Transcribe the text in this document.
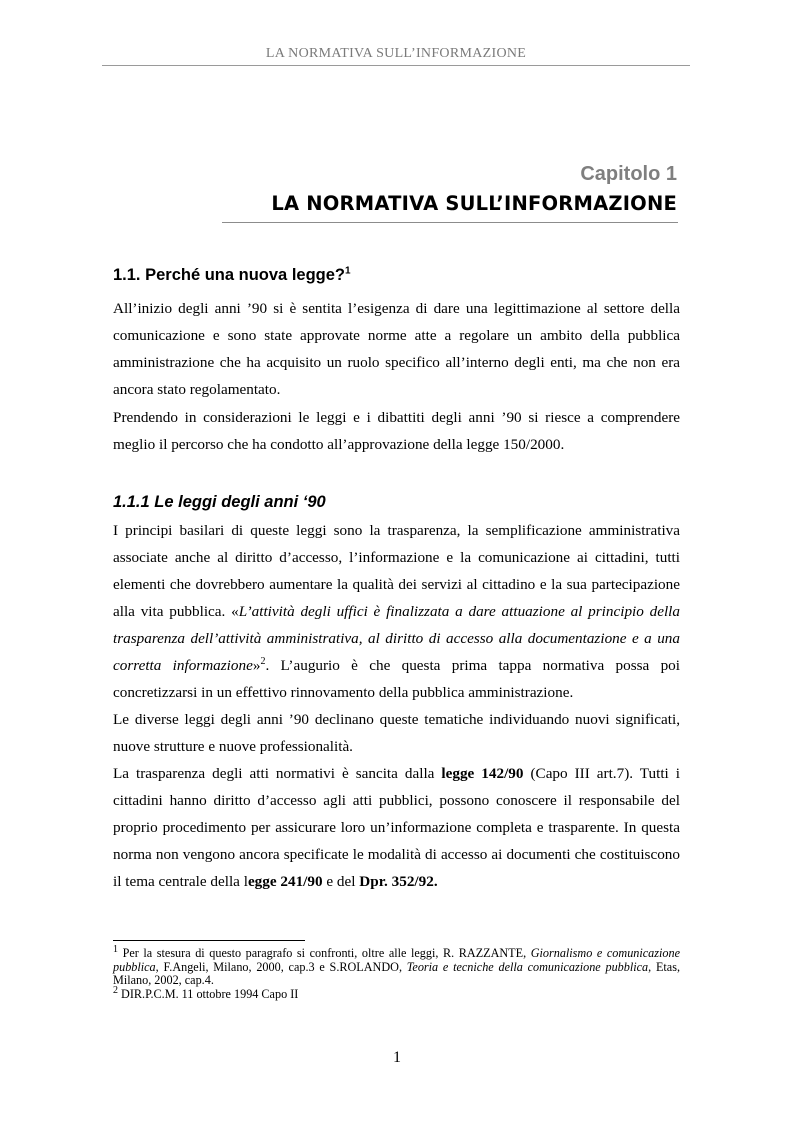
LA NORMATIVA SULL’INFORMAZIONE
Capitolo 1
LA NORMATIVA SULL’INFORMAZIONE
1.1. Perché una nuova legge?$^1$

All’inizio degli anni ’90 si è sentita l’esigenza di dare una legittimazione al settore della comunicazione e sono state approvate norme atte a regolare un ambito della pubblica amministrazione che ha acquisito un ruolo specifico all’interno degli enti, ma che non era ancora stato regolamentato.

Prendendo in considerazioni le leggi e i dibattiti degli anni ’90 si riesce a comprendere meglio il percorso che ha condotto all’approvazione della legge 150/2000.

1.1.1 Le leggi degli anni ‘90

I principi basilari di queste leggi sono la trasparenza, la semplificazione amministrativa associate anche al diritto d’accesso, l’informazione e la comunicazione ai cittadini, tutti elementi che dovrebbero aumentare la qualità dei servizi al cittadino e la sua partecipazione alla vita pubblica. «L’attività degli uffici è finalizzata a dare attuazione al principio della trasparenza dell’attività amministrativa, al diritto di accesso alla documentazione e a una corretta informazione»$^2$. L’augurio è che questa prima tappa normativa possa poi concretizzarsi in un effettivo rinnovamento della pubblica amministrazione.

Le diverse leggi degli anni ’90 declinano queste tematiche individuando nuovi significati, nuove strutture e nuove professionalità.

La trasparenza degli atti normativi è sancita dalla legge 142/90 (Capo III art.7). Tutti i cittadini hanno diritto d’accesso agli atti pubblici, possono conoscere il responsabile del proprio procedimento per assicurare loro un’informazione completa e trasparente. In questa norma non vengono ancora specificate le modalità di accesso ai documenti che costituiscono il tema centrale della legge 241/90 e del Dpr. 352/92.

$^1$ Per la stesura di questo paragrafo si confronti, oltre alle leggi, R. RAZZANTE, Giornalismo e comunicazione pubblica, F.Angeli, Milano, 2000, cap.3 e S.ROLANDO, Teoria e tecniche della comunicazione pubblica, Etas, Milano, 2002, cap.4.

$^2$ DIR.P.C.M. 11 ottobre 1994 Capo II

1
